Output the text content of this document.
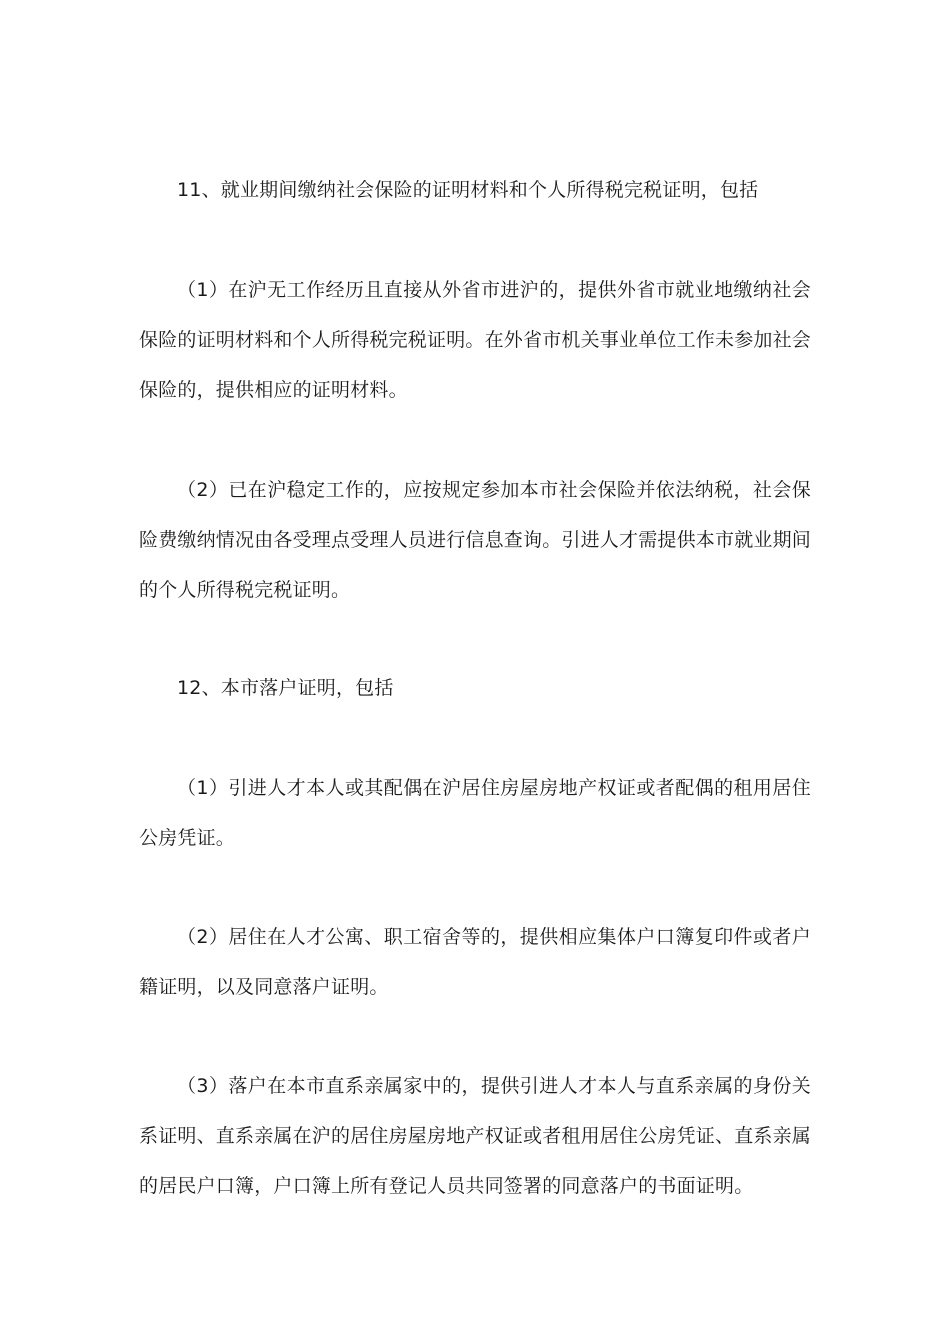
11、就业期间缴纳社会保险的证明材料和个人所得税完税证明，包括

（1）在沪无工作经历且直接从外省市进沪的，提供外省市就业地缴纳社会保险的证明材料和个人所得税完税证明。在外省市机关事业单位工作未参加社会保险的，提供相应的证明材料。

（2）已在沪稳定工作的，应按规定参加本市社会保险并依法纳税，社会保险费缴纳情况由各受理点受理人员进行信息查询。引进人才需提供本市就业期间的个人所得税完税证明。

12、本市落户证明，包括

（1）引进人才本人或其配偶在沪居住房屋房地产权证或者配偶的租用居住公房凭证。

（2）居住在人才公寓、职工宿舍等的，提供相应集体户口簿复印件或者户籍证明，以及同意落户证明。

（3）落户在本市直系亲属家中的，提供引进人才本人与直系亲属的身份关系证明、直系亲属在沪的居住房屋房地产权证或者租用居住公房凭证、直系亲属的居民户口簿，户口簿上所有登记人员共同签署的同意落户的书面证明。
